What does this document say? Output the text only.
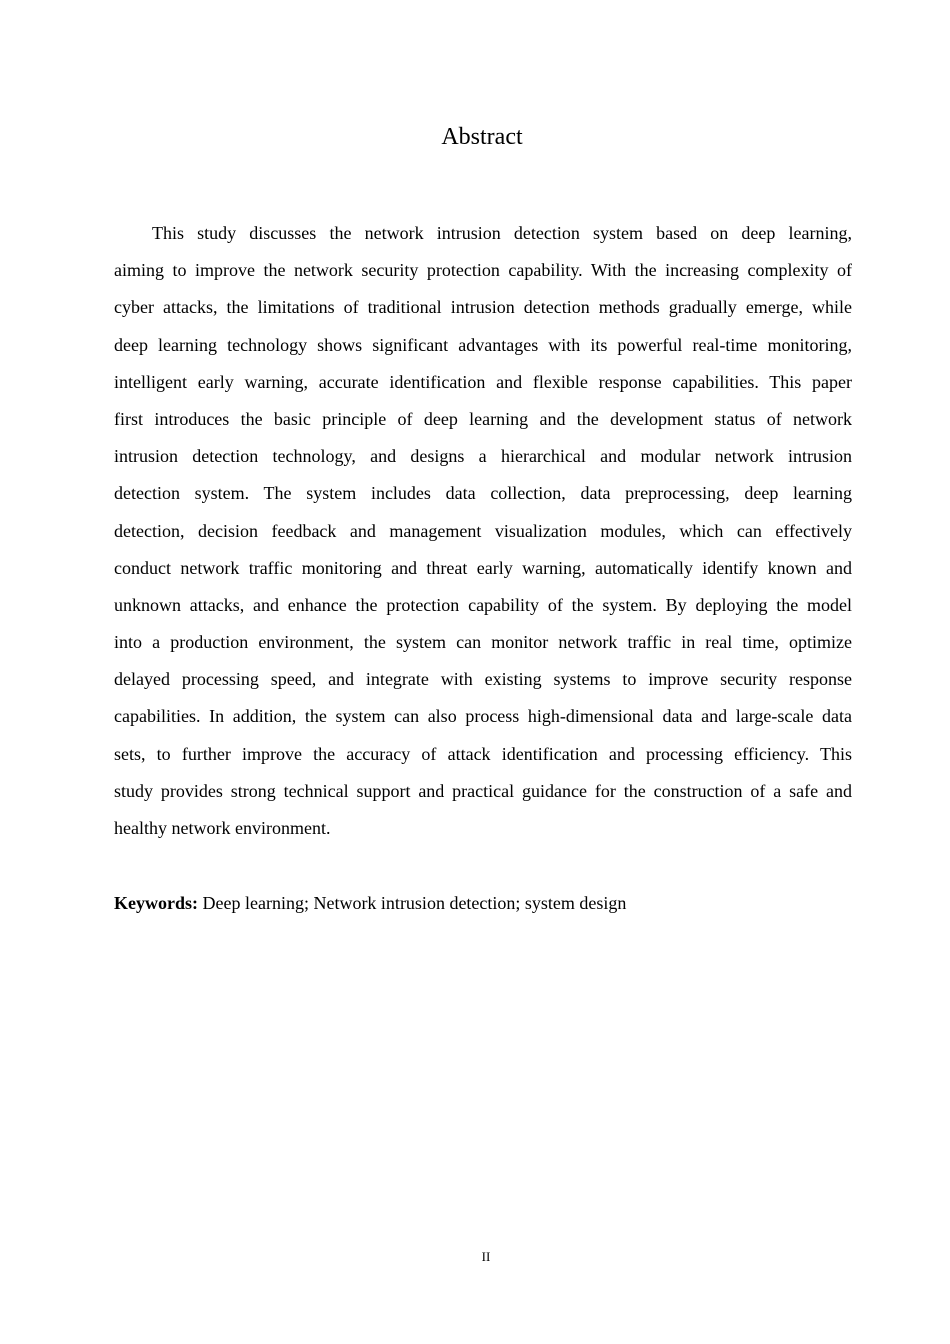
Abstract
This study discusses the network intrusion detection system based on deep learning,
aiming to improve the network security protection capability. With the increasing complexity of
cyber attacks, the limitations of traditional intrusion detection methods gradually emerge, while
deep learning technology shows significant advantages with its powerful real-time monitoring,
intelligent early warning, accurate identification and flexible response capabilities. This paper
first introduces the basic principle of deep learning and the development status of network
intrusion detection technology, and designs a hierarchical and modular network intrusion
detection system. The system includes data collection, data preprocessing, deep learning
detection, decision feedback and management visualization modules, which can effectively
conduct network traffic monitoring and threat early warning, automatically identify known and
unknown attacks, and enhance the protection capability of the system. By deploying the model
into a production environment, the system can monitor network traffic in real time, optimize
delayed processing speed, and integrate with existing systems to improve security response
capabilities. In addition, the system can also process high-dimensional data and large-scale data
sets, to further improve the accuracy of attack identification and processing efficiency. This
study provides strong technical support and practical guidance for the construction of a safe and
healthy network environment.
Keywords: Deep learning; Network intrusion detection; system design
II
